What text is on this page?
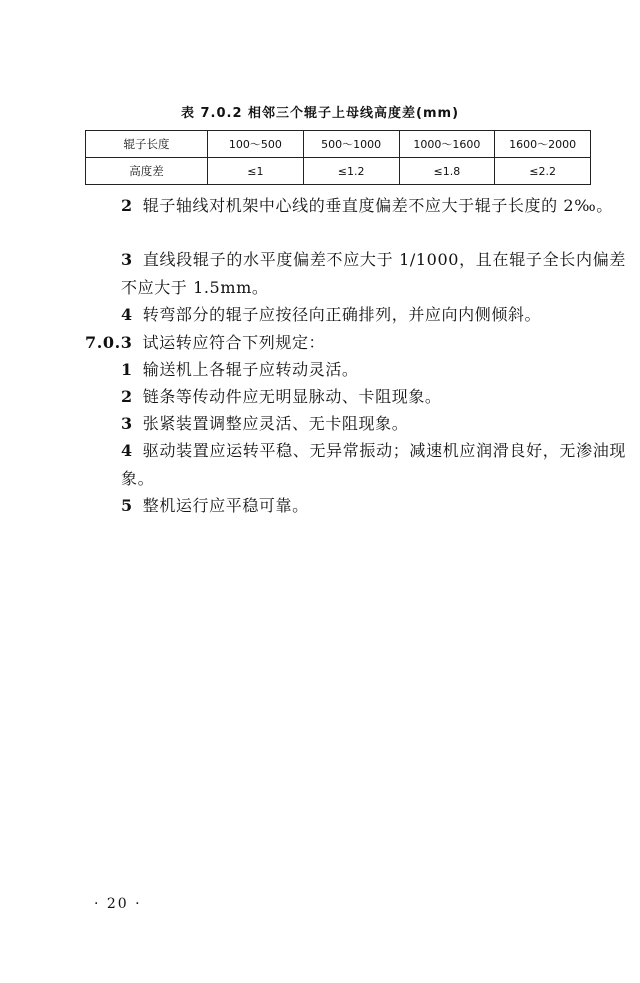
表 7.0.2 相邻三个辊子上母线高度差(mm)
辊子长度	100～500	500～1000	1000～1600	1600～2000
高度差	≤1	≤1.2	≤1.8	≤2.2
2 辊子轴线对机架中心线的垂直度偏差不应大于辊子长度的 2‰。
3 直线段辊子的水平度偏差不应大于 1/1000，且在辊子全长内偏差不应大于 1.5mm。
4 转弯部分的辊子应按径向正确排列，并应向内侧倾斜。
7.0.3 试运转应符合下列规定：
1 输送机上各辊子应转动灵活。
2 链条等传动件应无明显脉动、卡阻现象。
3 张紧装置调整应灵活、无卡阻现象。
4 驱动装置应运转平稳、无异常振动；减速机应润滑良好，无渗油现象。
5 整机运行应平稳可靠。
· 20 ·
